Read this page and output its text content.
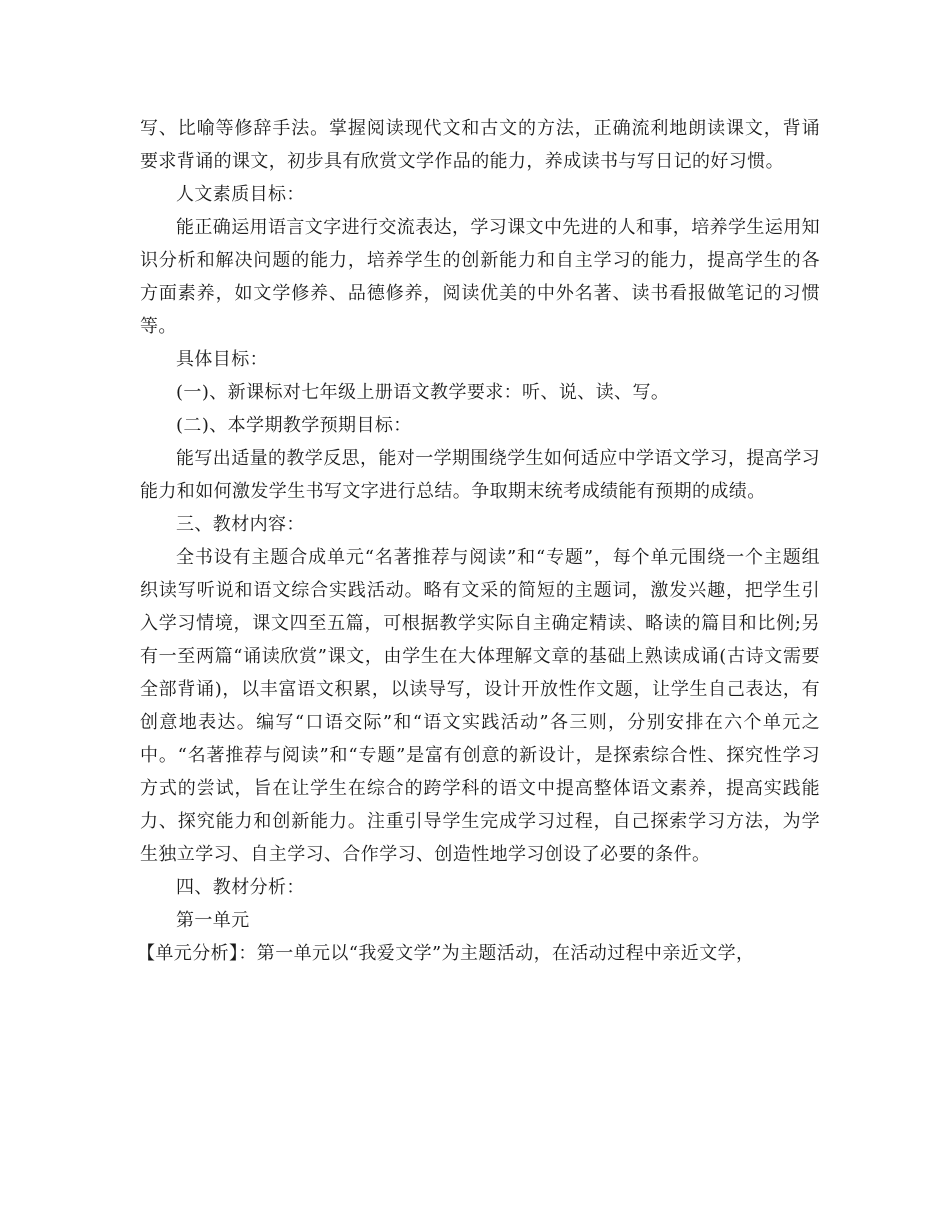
写、比喻等修辞手法。掌握阅读现代文和古文的方法，正确流利地朗读课文，背诵要求背诵的课文，初步具有欣赏文学作品的能力，养成读书与写日记的好习惯。

人文素质目标：

能正确运用语言文字进行交流表达，学习课文中先进的人和事，培养学生运用知识分析和解决问题的能力，培养学生的创新能力和自主学习的能力，提高学生的各方面素养，如文学修养、品德修养，阅读优美的中外名著、读书看报做笔记的习惯等。

具体目标：

(一)、新课标对七年级上册语文教学要求：听、说、读、写。

(二)、本学期教学预期目标：

能写出适量的教学反思，能对一学期围绕学生如何适应中学语文学习，提高学习能力和如何激发学生书写文字进行总结。争取期末统考成绩能有预期的成绩。

三、教材内容：

全书设有主题合成单元“名著推荐与阅读”和“专题”，每个单元围绕一个主题组织读写听说和语文综合实践活动。略有文采的简短的主题词，激发兴趣，把学生引入学习情境，课文四至五篇，可根据教学实际自主确定精读、略读的篇目和比例;另有一至两篇“诵读欣赏”课文，由学生在大体理解文章的基础上熟读成诵(古诗文需要全部背诵)，以丰富语文积累，以读导写，设计开放性作文题，让学生自己表达，有创意地表达。编写“口语交际”和“语文实践活动”各三则，分别安排在六个单元之中。“名著推荐与阅读”和“专题”是富有创意的新设计，是探索综合性、探究性学习方式的尝试，旨在让学生在综合的跨学科的语文中提高整体语文素养，提高实践能力、探究能力和创新能力。注重引导学生完成学习过程，自己探索学习方法，为学生独立学习、自主学习、合作学习、创造性地学习创设了必要的条件。

四、教材分析：

第一单元

【单元分析】：第一单元以“我爱文学”为主题活动，在活动过程中亲近文学，
